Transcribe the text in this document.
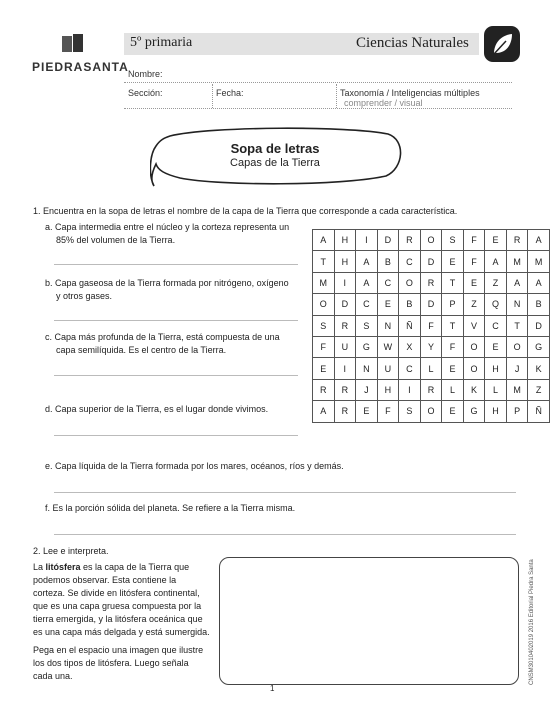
PIEDRASANTA
5º primaria	Ciencias Naturales
Nombre:
Sección:	Fecha:	Taxonomía / Inteligencias múltiples
comprender / visual
Sopa de letras
Capas de la Tierra
1. Encuentra en la sopa de letras el nombre de la capa de la Tierra que corresponde a cada característica.
a. Capa intermedia entre el núcleo y la corteza representa un
85% del volumen de la Tierra.
b. Capa gaseosa de la Tierra formada por nitrógeno, oxígeno
y otros gases.
c. Capa más profunda de la Tierra, está compuesta de una
capa semilíquida. Es el centro de la Tierra.
d. Capa superior de la Tierra, es el lugar donde vivimos.
e. Capa líquida de la Tierra formada por los mares, océanos, ríos y demás.
f. Es la porción sólida del planeta. Se refiere a la Tierra misma.
A	H	I	D	R	O	S	F	E	R	A
T	H	A	B	C	D	E	F	A	M	M
M	I	A	C	O	R	T	E	Z	A	A
O	D	C	E	B	D	P	Z	Q	N	B
S	R	S	N	Ñ	F	T	V	C	T	D
F	U	G	W	X	Y	F	O	E	O	G
E	I	N	U	C	L	E	O	H	J	K
R	R	J	H	I	R	L	K	L	M	Z
A	R	E	F	S	O	E	G	H	P	Ñ
2. Lee e interpreta.
La litósfera es la capa de la Tierra que
podemos observar. Esta contiene la
corteza. Se divide en litósfera continental,
que es una capa gruesa compuesta por la
tierra emergida, y la litósfera oceánica que
es una capa más delgada y está sumergida.
Pega en el espacio una imagen que ilustre
los dos tipos de litósfera. Luego señala
cada una.	CNSM3010402019 2016 Editorial Piedra Santa
1
